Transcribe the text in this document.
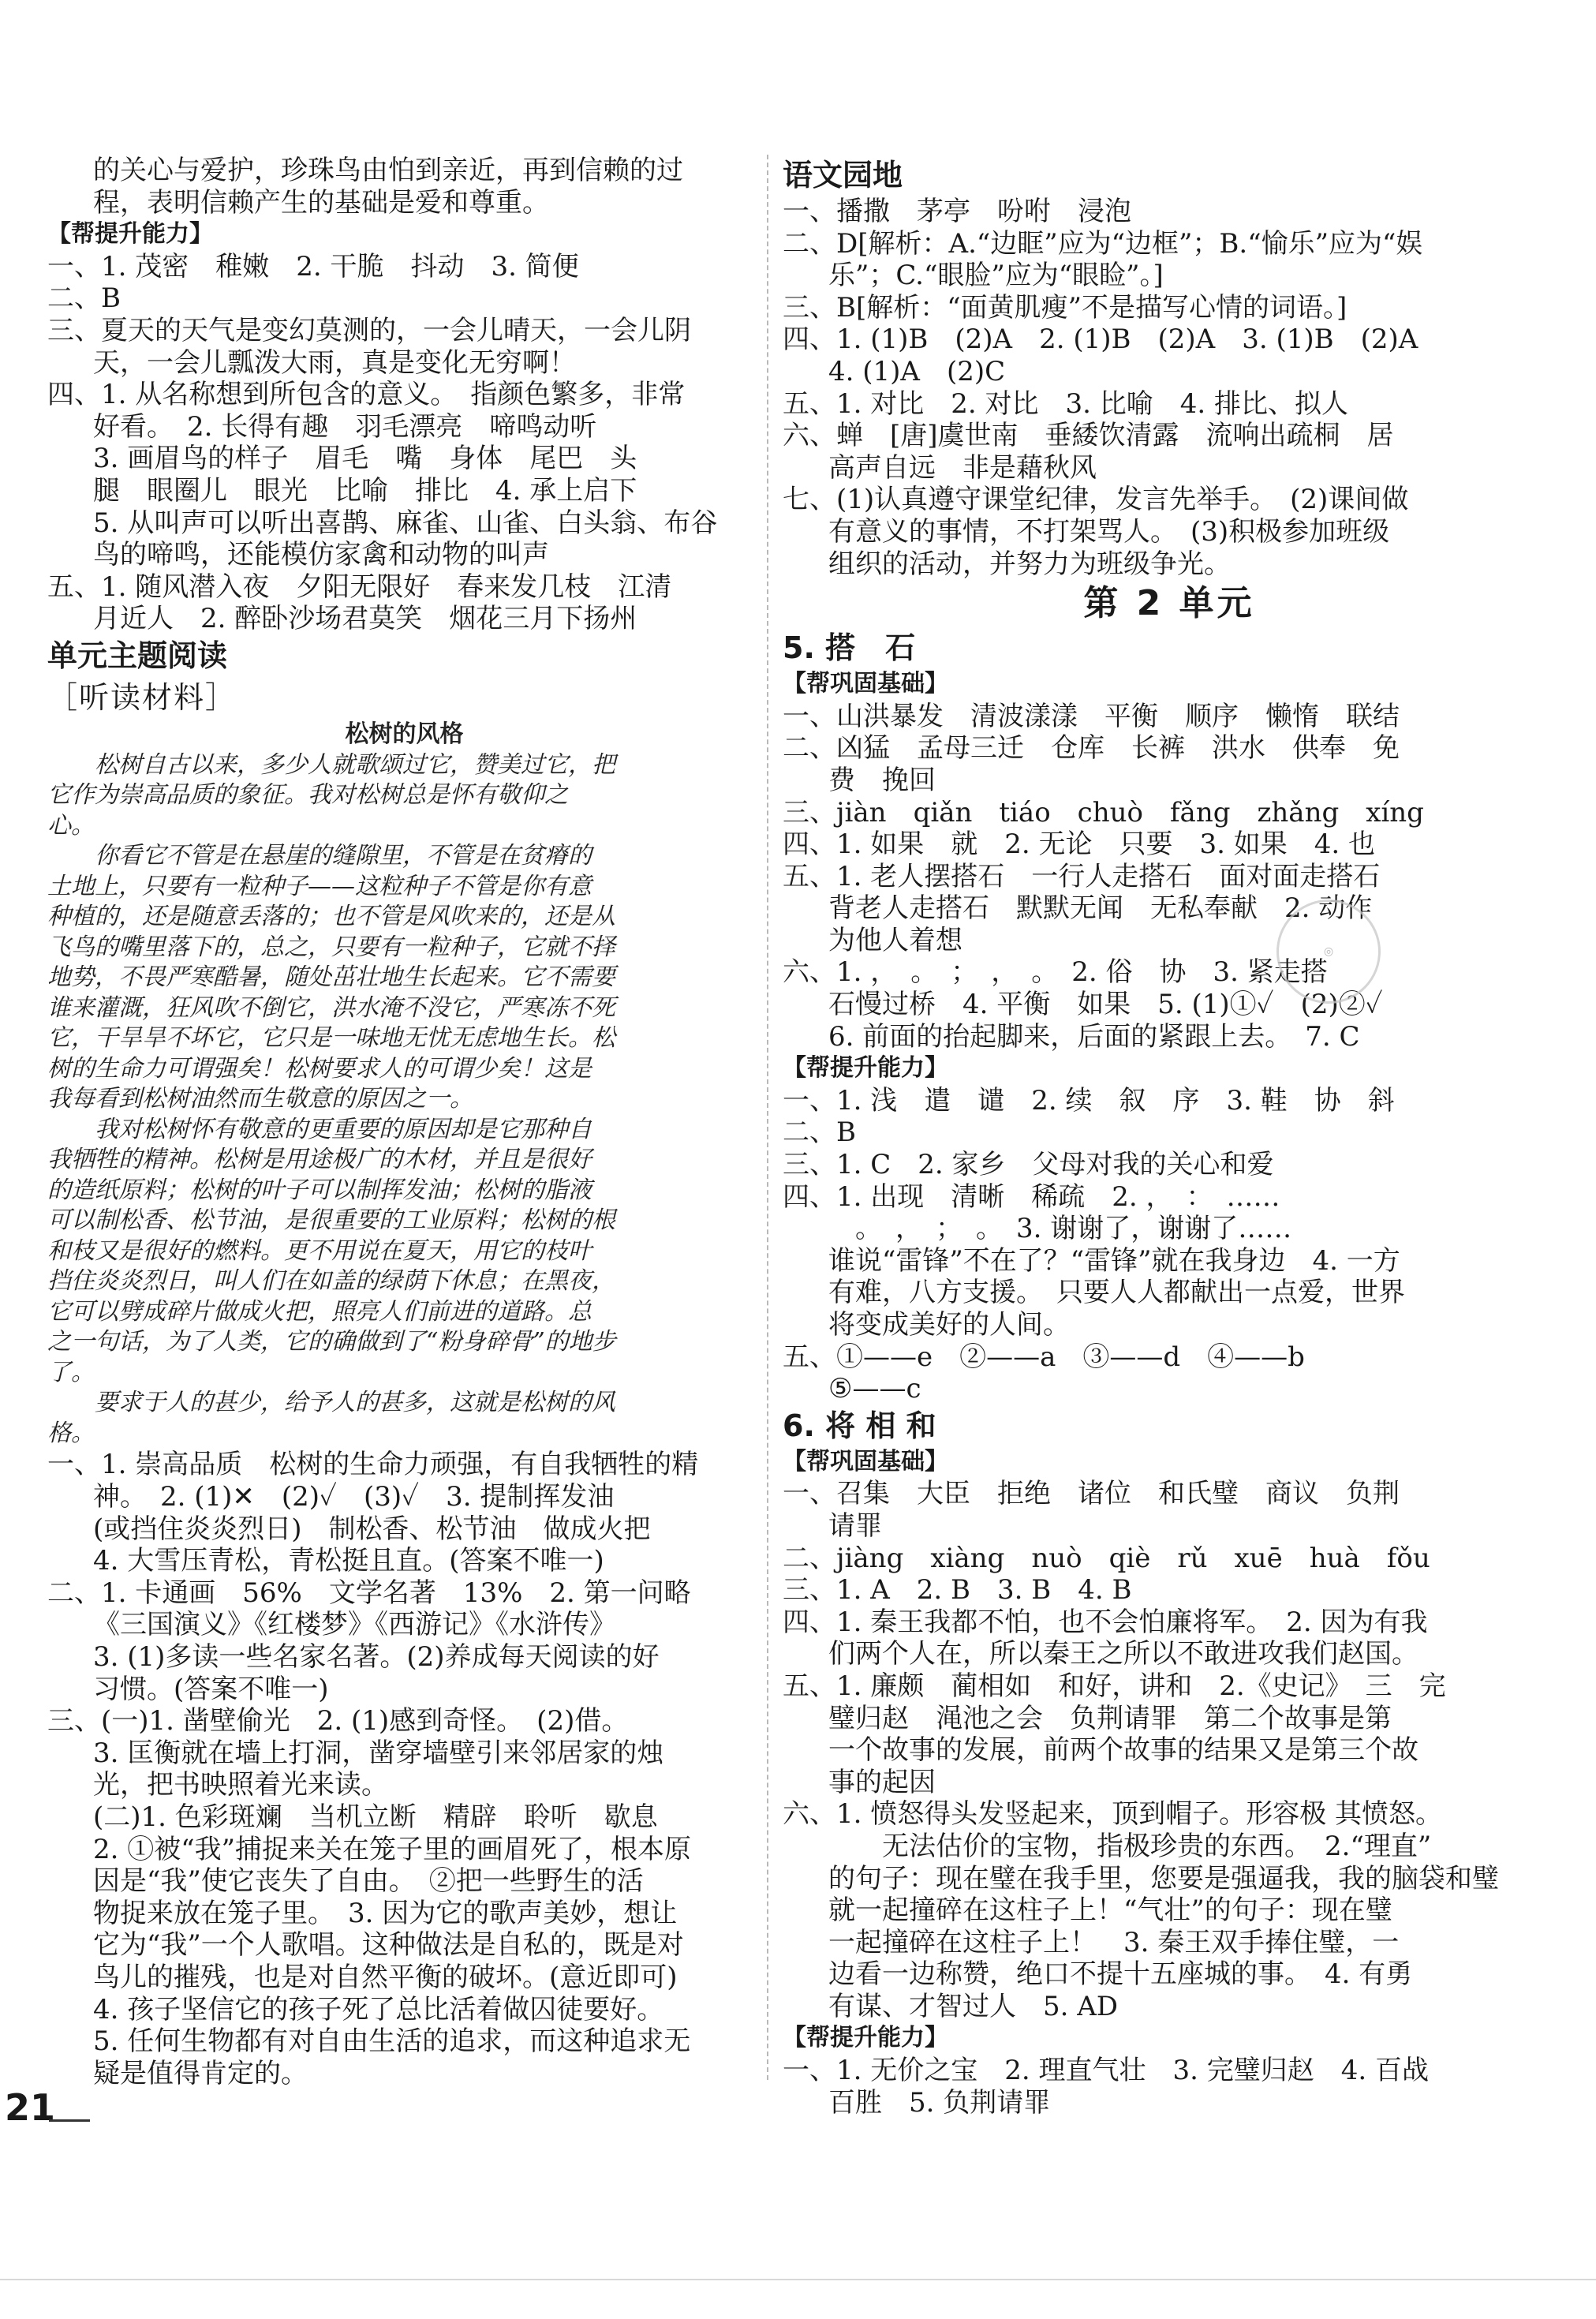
的关心与爱护，珍珠鸟由怕到亲近，再到信赖的过
程，表明信赖产生的基础是爱和尊重。
【帮提升能力】
一、1. 茂密　稚嫩　2. 干脆　抖动　3. 简便
二、B
三、夏天的天气是变幻莫测的，一会儿晴天，一会儿阴
天，一会儿瓢泼大雨，真是变化无穷啊！
四、1. 从名称想到所包含的意义。　指颜色繁多，非常
好看。　2. 长得有趣　羽毛漂亮　啼鸣动听
3. 画眉鸟的样子　眉毛　嘴　身体　尾巴　头
腿　眼圈儿　眼光　比喻　排比　4. 承上启下
5. 从叫声可以听出喜鹊、麻雀、山雀、白头翁、布谷
鸟的啼鸣，还能模仿家禽和动物的叫声
五、1. 随风潜入夜　夕阳无限好　春来发几枝　江清
月近人　2. 醉卧沙场君莫笑　烟花三月下扬州
单元主题阅读
［听读材料］
松树的风格
　　松树自古以来，多少人就歌颂过它，赞美过它，把
它作为崇高品质的象征。我对松树总是怀有敬仰之
心。
　　你看它不管是在悬崖的缝隙里，不管是在贫瘠的
土地上，只要有一粒种子——这粒种子不管是你有意
种植的，还是随意丢落的；也不管是风吹来的，还是从
飞鸟的嘴里落下的，总之，只要有一粒种子，它就不择
地势，不畏严寒酷暑，随处茁壮地生长起来。它不需要
谁来灌溉，狂风吹不倒它，洪水淹不没它，严寒冻不死
它，干旱旱不坏它，它只是一味地无忧无虑地生长。松
树的生命力可谓强矣！松树要求人的可谓少矣！这是
我每看到松树油然而生敬意的原因之一。
　　我对松树怀有敬意的更重要的原因却是它那种自
我牺牲的精神。松树是用途极广的木材，并且是很好
的造纸原料；松树的叶子可以制挥发油；松树的脂液
可以制松香、松节油，是很重要的工业原料；松树的根
和枝又是很好的燃料。更不用说在夏天，用它的枝叶
挡住炎炎烈日，叫人们在如盖的绿荫下休息；在黑夜，
它可以劈成碎片做成火把，照亮人们前进的道路。总
之一句话，为了人类，它的确做到了“粉身碎骨”的地步
了。
　　要求于人的甚少，给予人的甚多，这就是松树的风
格。
一、1. 崇高品质　松树的生命力顽强，有自我牺牲的精
神。　2. (1)✕　(2)✓　(3)✓　3. 提制挥发油
(或挡住炎炎烈日)　制松香、松节油　做成火把
4. 大雪压青松，青松挺且直。(答案不唯一)
二、1. 卡通画　56%　文学名著　13%　2. 第一问略
《三国演义》《红楼梦》《西游记》《水浒传》
3. (1)多读一些名家名著。(2)养成每天阅读的好
习惯。(答案不唯一)
三、(一)1. 凿壁偷光　2. (1)感到奇怪。　(2)借。
3. 匡衡就在墙上打洞，凿穿墙壁引来邻居家的烛
光，把书映照着光来读。
(二)1. 色彩斑斓　当机立断　精辟　聆听　歇息
2. ①被“我”捕捉来关在笼子里的画眉死了，根本原
因是“我”使它丧失了自由。　②把一些野生的活
物捉来放在笼子里。　3. 因为它的歌声美妙，想让
它为“我”一个人歌唱。这种做法是自私的，既是对
鸟儿的摧残，也是对自然平衡的破坏。(意近即可)
4. 孩子坚信它的孩子死了总比活着做囚徒要好。
5. 任何生物都有对自由生活的追求，而这种追求无
疑是值得肯定的。
语文园地
一、播撒　茅亭　吩咐　浸泡
二、D[解析：A.“边眶”应为“边框”；B.“愉乐”应为“娱
乐”；C.“眼脸”应为“眼睑”。]
三、B[解析：“面黄肌瘦”不是描写心情的词语。]
四、1. (1)B　(2)A　2. (1)B　(2)A　3. (1)B　(2)A
4. (1)A　(2)C
五、1. 对比　2. 对比　3. 比喻　4. 排比、拟人
六、蝉　[唐]虞世南　垂緌饮清露　流响出疏桐　居
高声自远　非是藉秋风
七、(1)认真遵守课堂纪律，发言先举手。　(2)课间做
有意义的事情，不打架骂人。　(3)积极参加班级
组织的活动，并努力为班级争光。
第 2 单元
5. 搭　石
【帮巩固基础】
一、山洪暴发　清波漾漾　平衡　顺序　懒惰　联结
二、凶猛　孟母三迁　仓库　长裤　洪水　供奉　免
费　挽回
三、jiàn　qiǎn　tiáo　chuò　fǎng　zhǎng　xíng
四、1. 如果　就　2. 无论　只要　3. 如果　4. 也
五、1. 老人摆搭石　一行人走搭石　面对面走搭石
背老人走搭石　默默无闻　无私奉献　2. 动作
为他人着想
六、1. ，　。　；　，　。　2. 俗　协　3. 紧走搭
石慢过桥　4. 平衡　如果　5. (1)①✓　(2)②✓
6. 前面的抬起脚来，后面的紧跟上去。　7. C
【帮提升能力】
一、1. 浅　遣　谴　2. 续　叙　序　3. 鞋　协　斜
二、B
三、1. C　2. 家乡　父母对我的关心和爱
四、1. 出现　清晰　稀疏　2. ，　：　……
。　，　；　。　3. 谢谢了，谢谢了……
谁说“雷锋”不在了？“雷锋”就在我身边　4. 一方
有难，八方支援。　只要人人都献出一点爱，世界
将变成美好的人间。
五、①——e　②——a　③——d　④——b
⑤——c
6. 将 相 和
【帮巩固基础】
一、召集　大臣　拒绝　诸位　和氏璧　商议　负荆
请罪
二、jiàng　xiàng　nuò　qiè　rǔ　xuē　huà　fǒu
三、1. A　2. B　3. B　4. B
四、1. 秦王我都不怕，也不会怕廉将军。　2. 因为有我
们两个人在，所以秦王之所以不敢进攻我们赵国。
五、1. 廉颇　蔺相如　和好，讲和　2.《史记》　三　完
璧归赵　渑池之会　负荆请罪　第二个故事是第
一个故事的发展，前两个故事的结果又是第三个故
事的起因
六、1. 愤怒得头发竖起来，顶到帽子。形容极 其愤怒。
　　无法估价的宝物，指极珍贵的东西。　2.“理直”
的句子：现在璧在我手里，您要是强逼我，我的脑袋和璧
就一起撞碎在这柱子上！“气壮”的句子：现在璧
一起撞碎在这柱子上！　3. 秦王双手捧住璧，一
边看一边称赞，绝口不提十五座城的事。　4. 有勇
有谋、才智过人　5. AD
【帮提升能力】
一、1. 无价之宝　2. 理直气壮　3. 完璧归赵　4. 百战
百胜　5. 负荆请罪
◎
21
